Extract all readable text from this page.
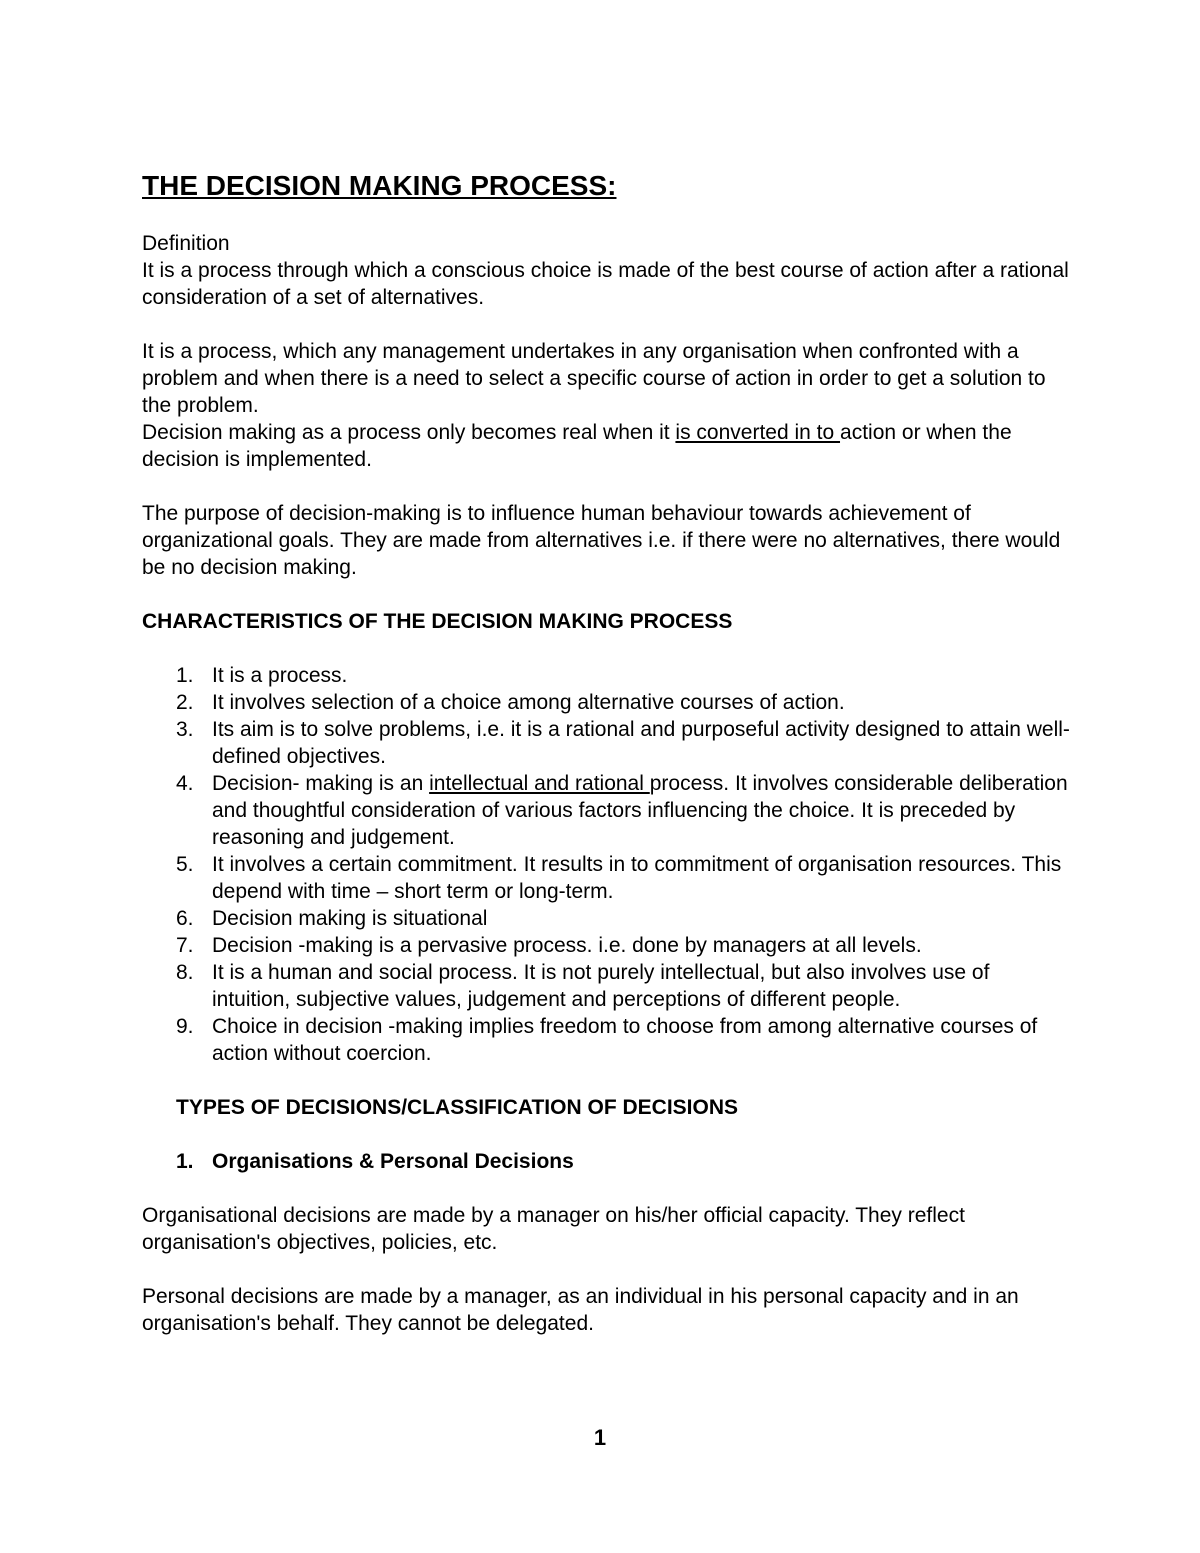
THE DECISION MAKING PROCESS:

Definition

It is a process through which a conscious choice is made of the best course of action after a rational consideration of a set of alternatives.

It is a process, which any management undertakes in any organisation when confronted with a problem and when there is a need to select a specific course of action in order to get a solution to the problem.

Decision making as a process only becomes real when it is converted in to action or when the decision is implemented.

The purpose of decision-making is to influence human behaviour towards achievement of organizational goals. They are made from alternatives i.e. if there were no alternatives, there would be no decision making.

CHARACTERISTICS OF THE DECISION MAKING PROCESS

1. It is a process.
2. It involves selection of a choice among alternative courses of action.
3. Its aim is to solve problems, i.e. it is a rational and purposeful activity designed to attain well-defined objectives.
4. Decision- making is an intellectual and rational process. It involves considerable deliberation and thoughtful consideration of various factors influencing the choice. It is preceded by reasoning and judgement.
5. It involves a certain commitment. It results in to commitment of organisation resources. This depend with time – short term or long-term.
6. Decision making is situational
7. Decision -making is a pervasive process. i.e. done by managers at all levels.
8. It is a human and social process. It is not purely intellectual, but also involves use of intuition, subjective values, judgement and perceptions of different people.
9. Choice in decision -making implies freedom to choose from among alternative courses of action without coercion.

TYPES OF DECISIONS/CLASSIFICATION OF DECISIONS

1. Organisations & Personal Decisions

Organisational decisions are made by a manager on his/her official capacity. They reflect organisation's objectives, policies, etc.

Personal decisions are made by a manager, as an individual in his personal capacity and in an organisation's behalf. They cannot be delegated.

1
